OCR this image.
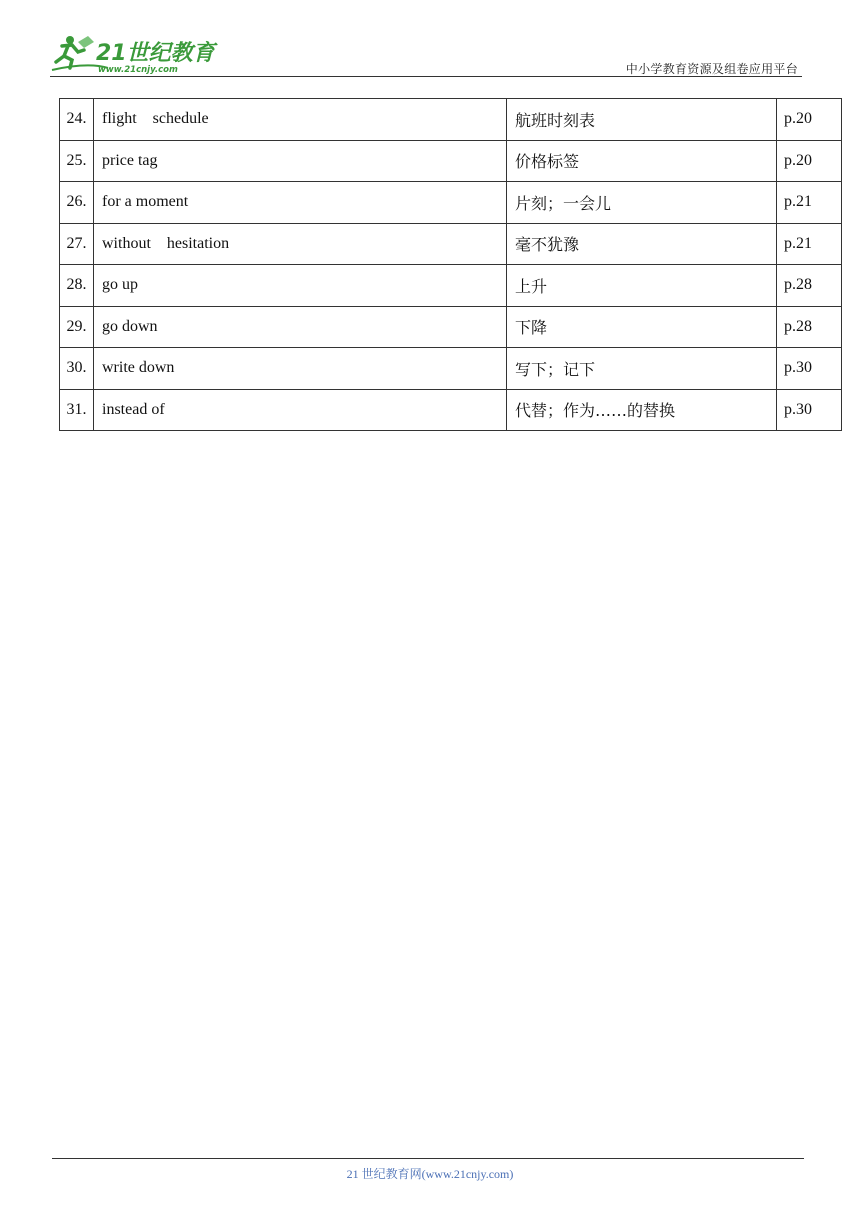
21世纪教育
www.21cnjy.com	中小学教育资源及组卷应用平台
24.	flight    schedule	航班时刻表	p.20
25.	price tag	价格标签	p.20
26.	for a moment	片刻；一会儿	p.21
27.	without    hesitation	毫不犹豫	p.21
28.	go up	上升	p.28
29.	go down	下降	p.28
30.	write down	写下；记下	p.30
31.	instead of	代替；作为……的替换	p.30
21 世纪教育网(www.21cnjy.com)
